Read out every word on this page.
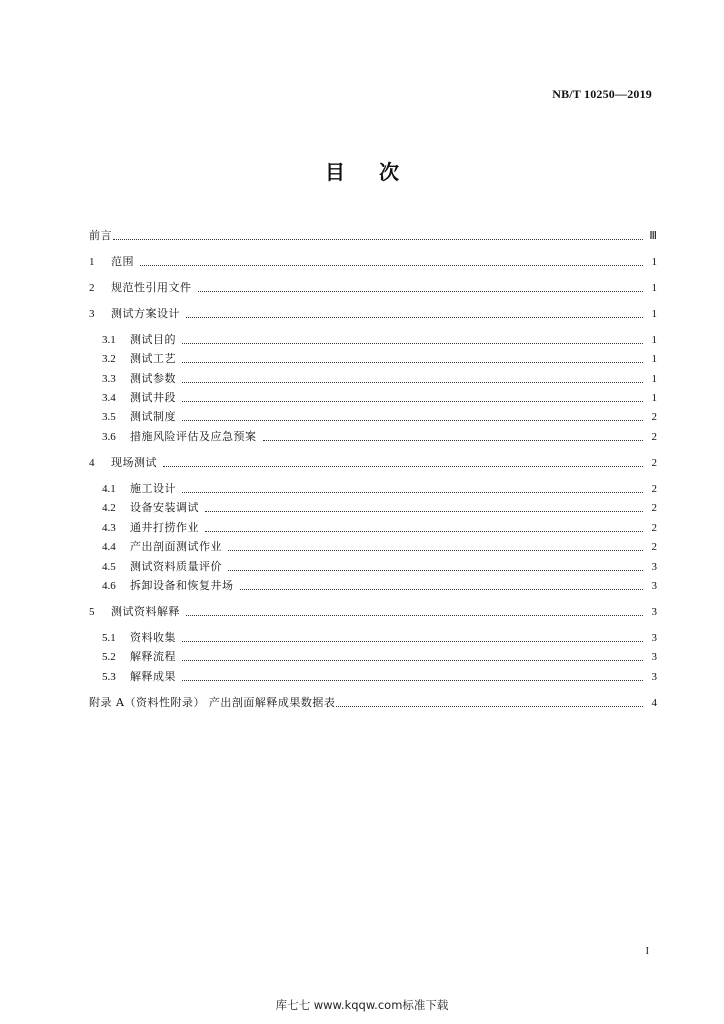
NB/T 10250—2019
目 次
前言	Ⅲ
1	范围	1
2	规范性引用文件	1
3	测试方案设计	1
3.1	测试目的	1
3.2	测试工艺	1
3.3	测试参数	1
3.4	测试井段	1
3.5	测试制度	2
3.6	措施风险评估及应急预案	2
4	现场测试	2
4.1	施工设计	2
4.2	设备安装调试	2
4.3	通井打捞作业	2
4.4	产出剖面测试作业	2
4.5	测试资料质量评价	3
4.6	拆卸设备和恢复井场	3
5	测试资料解释	3
5.1	资料收集	3
5.2	解释流程	3
5.3	解释成果	3
附录 A（资料性附录） 产出剖面解释成果数据表	4
I
库七七 www.kqqw.com标准下载
